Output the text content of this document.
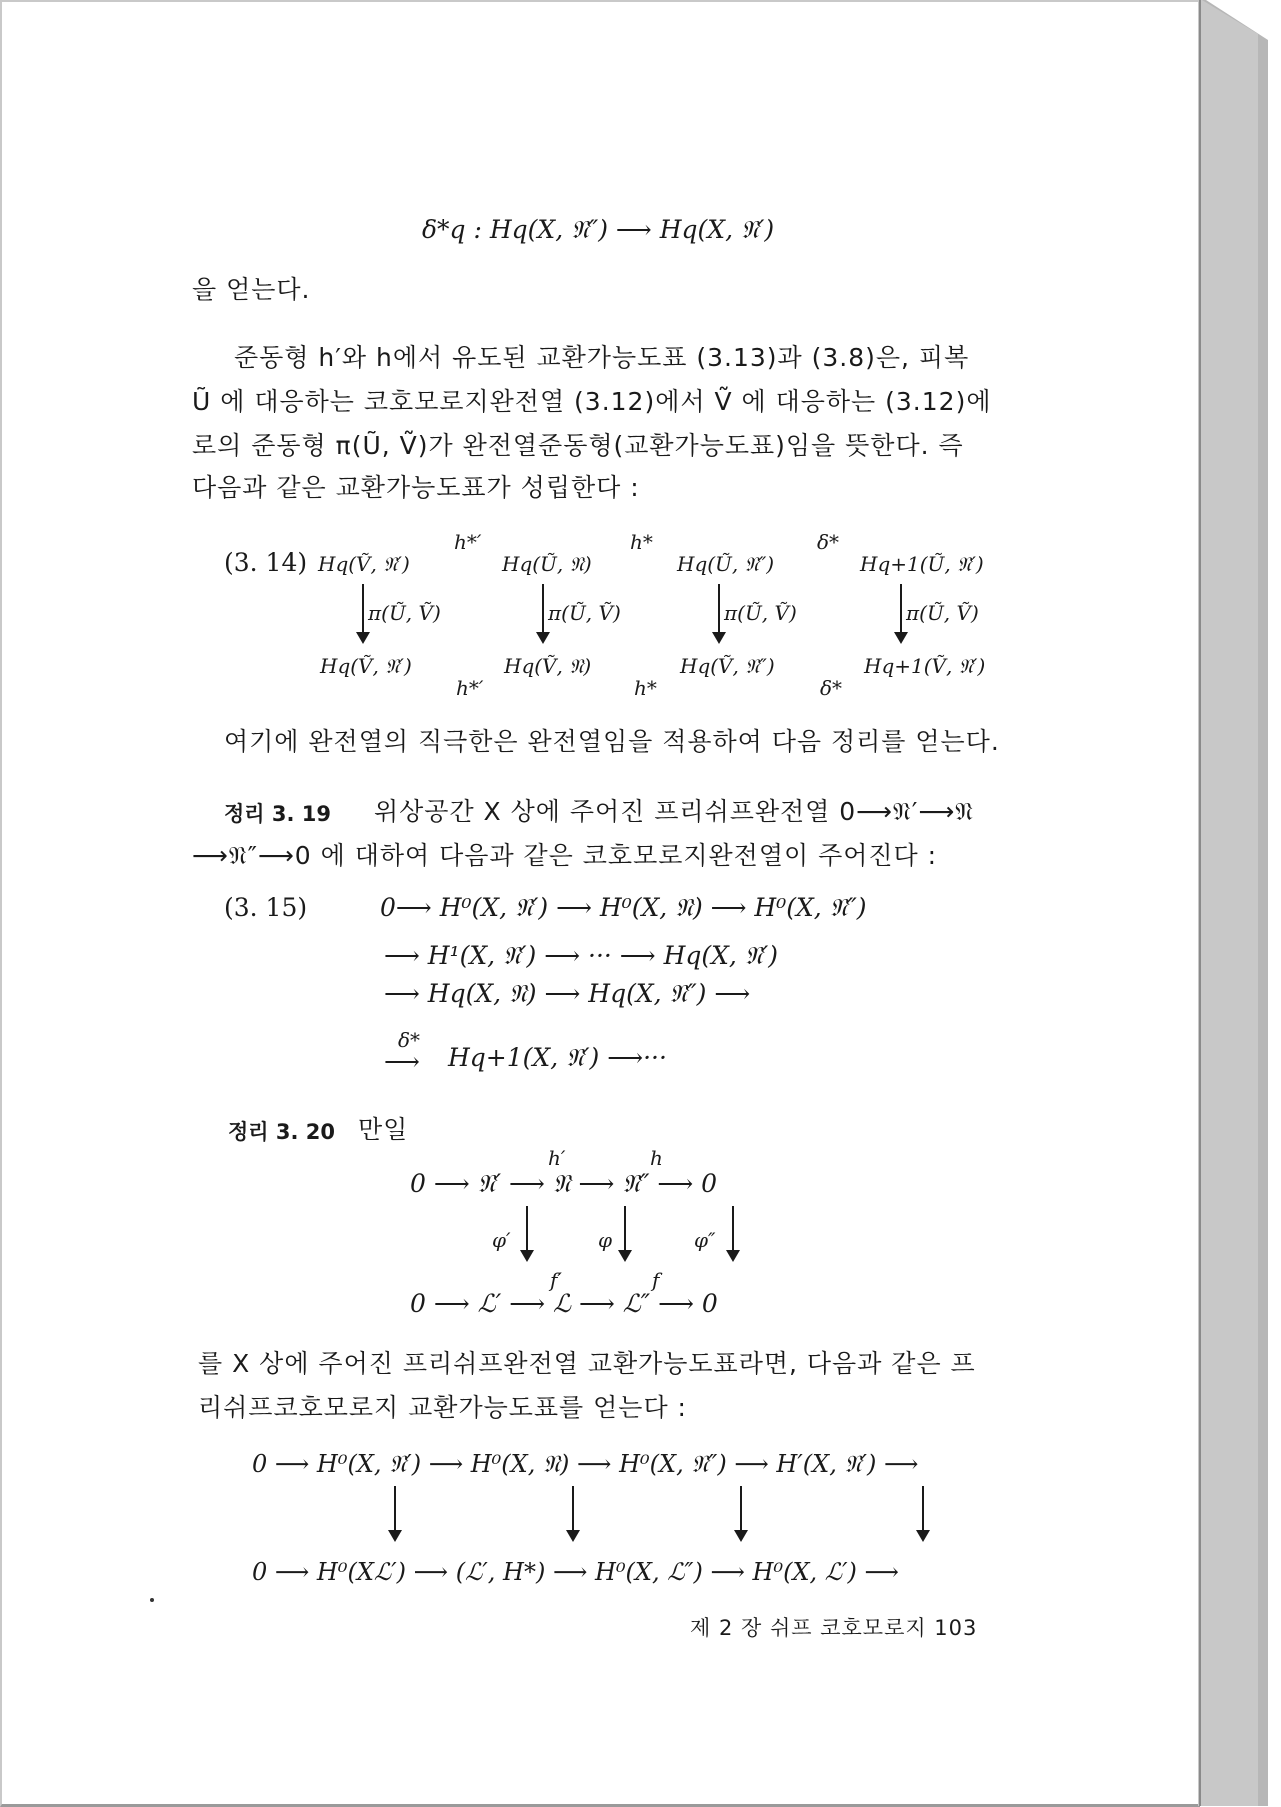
δ*q : Hq(X, 𝔑″) ⟶ Hq(X, 𝔑′)
을 얻는다.
준동형 h′와 h에서 유도된 교환가능도표 (3.13)과 (3.8)은, 피복
Ũ 에 대응하는 코호모로지완전열 (3.12)에서 Ṽ 에 대응하는 (3.12)에
로의 준동형 π(Ũ, Ṽ)가 완전열준동형(교환가능도표)임을 뜻한다. 즉
다음과 같은 교환가능도표가 성립한다 :
(3. 14) Hq(Ṽ, 𝔑′)	Hq(Ũ, 𝔑)	Hq(Ũ, 𝔑″)	Hq+1(Ũ, 𝔑′)
h*′	h*	δ*
π(Ũ, Ṽ)	π(Ũ, Ṽ)	π(Ũ, Ṽ)	π(Ũ, Ṽ)
Hq(Ṽ, 𝔑′)	Hq(Ṽ, 𝔑)	Hq(Ṽ, 𝔑″)	Hq+1(Ṽ, 𝔑′)
h*′	h*	δ*
여기에 완전열의 직극한은 완전열임을 적용하여 다음 정리를 얻는다.
정리 3. 19 위상공간 X 상에 주어진 프리쉬프완전열 0⟶𝔑′⟶𝔑
⟶𝔑″⟶0 에 대하여 다음과 같은 코호모로지완전열이 주어진다 :
(3. 15)	0⟶ H⁰(X, 𝔑′) ⟶ H⁰(X, 𝔑) ⟶ H⁰(X, 𝔑″)
⟶ H¹(X, 𝔑′) ⟶ ··· ⟶ Hq(X, 𝔑′)
⟶ Hq(X, 𝔑) ⟶ Hq(X, 𝔑″) ⟶
δ*
⟶ Hq+1(X, 𝔑′) ⟶···
정리 3. 20 만일
0 ⟶ 𝔑′ ⟶ 𝔑 ⟶ 𝔑″ ⟶ 0
h′	h
φ′	φ	φ″
0 ⟶ ℒ′ ⟶ ℒ ⟶ ℒ″ ⟶ 0
f′	f
를 X 상에 주어진 프리쉬프완전열 교환가능도표라면, 다음과 같은 프
리쉬프코호모로지 교환가능도표를 얻는다 :
0 ⟶ H⁰(X, 𝔑′) ⟶ H⁰(X, 𝔑) ⟶ H⁰(X, 𝔑″) ⟶ H′(X, 𝔑′) ⟶
0 ⟶ H⁰(Xℒ′) ⟶ (ℒ′, H*) ⟶ H⁰(X, ℒ″) ⟶ H⁰(X, ℒ′) ⟶
제 2 장 쉬프 코호모로지 103
